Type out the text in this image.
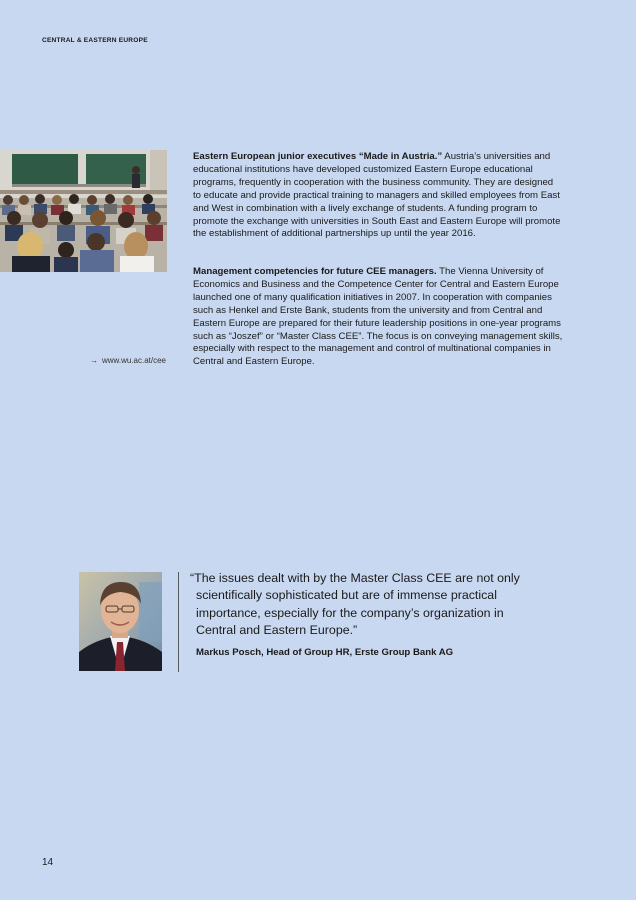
CENTRAL & EASTERN EUROPE
→ www.wu.ac.at/cee

Eastern European junior executives “Made in Austria.” Austria’s universities and educational institutions have developed customized Eastern Europe educational programs, frequently in cooperation with the business community. They are designed to educate and provide practical training to managers and skilled employees from East and West in combination with a lively exchange of students. A funding program to promote the exchange with universities in South East and Eastern Europe will promote the establishment of additional partnerships up until the year 2016.

Management competencies for future CEE managers. The Vienna University of Economics and Business and the Competence Center for Central and Eastern Europe launched one of many qualification initiatives in 2007. In cooperation with companies such as Henkel and Erste Bank, students from the university and from Central and Eastern Europe are prepared for their future leadership positions in one-year programs such as “Joszef” or “Master Class CEE”. The focus is on conveying management skills, especially with respect to the management and control of multinational companies in Central and Eastern Europe.

“The issues dealt with by the Master Class CEE are not only scientifically sophisticated but are of immense practical importance, especially for the company’s organization in Central and Eastern Europe.”
Markus Posch, Head of Group HR, Erste Group Bank AG
14
